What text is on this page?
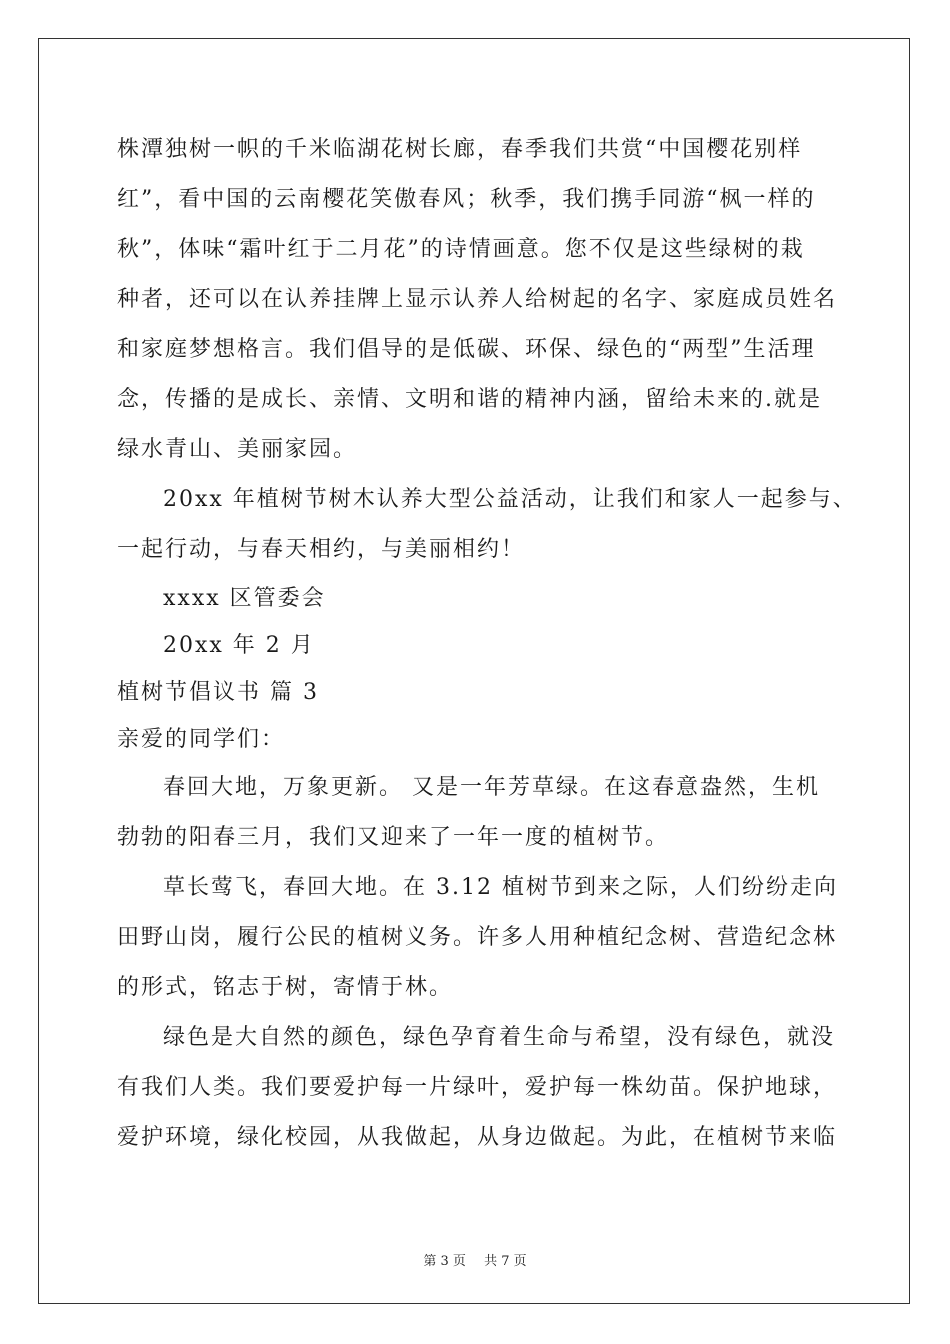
株潭独树一帜的千米临湖花树长廊，春季我们共赏“中国樱花别样
红”，看中国的云南樱花笑傲春风；秋季，我们携手同游“枫一样的
秋”，体味“霜叶红于二月花”的诗情画意。您不仅是这些绿树的栽
种者，还可以在认养挂牌上显示认养人给树起的名字、家庭成员姓名
和家庭梦想格言。我们倡导的是低碳、环保、绿色的“两型”生活理
念，传播的是成长、亲情、文明和谐的精神内涵，留给未来的.就是
绿水青山、美丽家园。
20xx 年植树节树木认养大型公益活动，让我们和家人一起参与、
一起行动，与春天相约，与美丽相约！
xxxx 区管委会
20xx 年 2 月
植树节倡议书 篇 3
亲爱的同学们：
春回大地，万象更新。 又是一年芳草绿。在这春意盎然，生机
勃勃的阳春三月，我们又迎来了一年一度的植树节。
草长莺飞，春回大地。在 3.12 植树节到来之际，人们纷纷走向
田野山岗，履行公民的植树义务。许多人用种植纪念树、营造纪念林
的形式，铭志于树，寄情于林。
绿色是大自然的颜色，绿色孕育着生命与希望，没有绿色，就没
有我们人类。我们要爱护每一片绿叶，爱护每一株幼苗。保护地球，
爱护环境，绿化校园，从我做起，从身边做起。为此，在植树节来临
第 3 页 共 7 页
